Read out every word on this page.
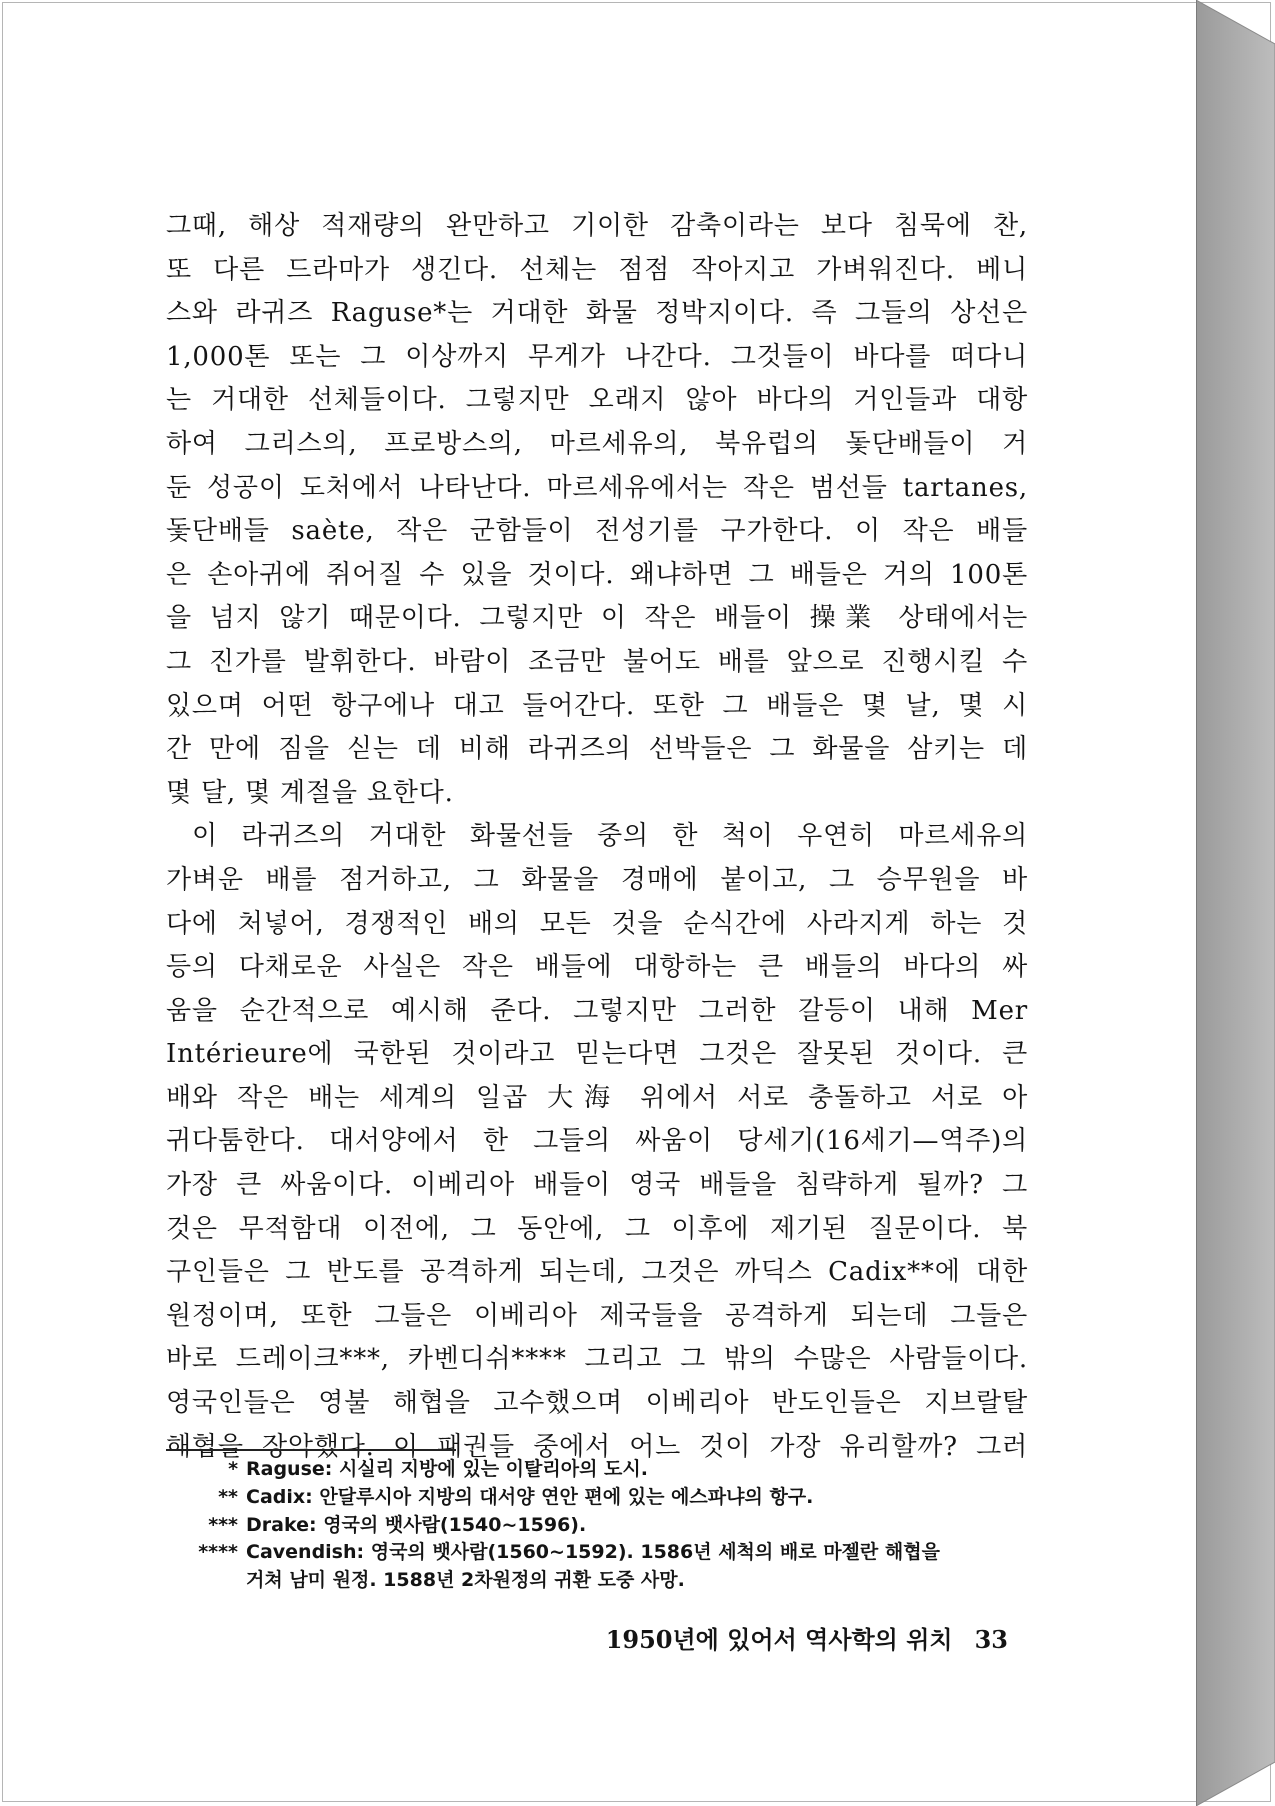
그때, 해상 적재량의 완만하고 기이한 감축이라는 보다 침묵에 찬,
또 다른 드라마가 생긴다. 선체는 점점 작아지고 가벼워진다. 베니
스와 라귀즈 Raguse*는 거대한 화물 정박지이다. 즉 그들의 상선은
1,000톤 또는 그 이상까지 무게가 나간다. 그것들이 바다를 떠다니
는 거대한 선체들이다. 그렇지만 오래지 않아 바다의 거인들과 대항
하여 그리스의, 프로방스의, 마르세유의, 북유럽의 돛단배들이 거
둔 성공이 도처에서 나타난다. 마르세유에서는 작은 범선들 tartanes,
돛단배들 saète, 작은 군함들이 전성기를 구가한다. 이 작은 배들
은 손아귀에 쥐어질 수 있을 것이다. 왜냐하면 그 배들은 거의 100톤
을 넘지 않기 때문이다. 그렇지만 이 작은 배들이 操業 상태에서는
그 진가를 발휘한다. 바람이 조금만 불어도 배를 앞으로 진행시킬 수
있으며 어떤 항구에나 대고 들어간다. 또한 그 배들은 몇 날, 몇 시
간 만에 짐을 싣는 데 비해 라귀즈의 선박들은 그 화물을 삼키는 데
몇 달, 몇 계절을 요한다.
이 라귀즈의 거대한 화물선들 중의 한 척이 우연히 마르세유의
가벼운 배를 점거하고, 그 화물을 경매에 붙이고, 그 승무원을 바
다에 처넣어, 경쟁적인 배의 모든 것을 순식간에 사라지게 하는 것
등의 다채로운 사실은 작은 배들에 대항하는 큰 배들의 바다의 싸
움을 순간적으로 예시해 준다. 그렇지만 그러한 갈등이 내해 Mer
Intérieure에 국한된 것이라고 믿는다면 그것은 잘못된 것이다. 큰
배와 작은 배는 세계의 일곱 大海 위에서 서로 충돌하고 서로 아
귀다툼한다. 대서양에서 한 그들의 싸움이 당세기(16세기—역주)의
가장 큰 싸움이다. 이베리아 배들이 영국 배들을 침략하게 될까? 그
것은 무적함대 이전에, 그 동안에, 그 이후에 제기된 질문이다. 북
구인들은 그 반도를 공격하게 되는데, 그것은 까딕스 Cadix**에 대한
원정이며, 또한 그들은 이베리아 제국들을 공격하게 되는데 그들은
바로 드레이크***, 카벤디쉬**** 그리고 그 밖의 수많은 사람들이다.
영국인들은 영불 해협을 고수했으며 이베리아 반도인들은 지브랄탈
해협을 장악했다. 이 패권들 중에서 어느 것이 가장 유리할까? 그러
* Raguse: 시실리 지방에 있는 이탈리아의 도시.
** Cadix: 안달루시아 지방의 대서양 연안 편에 있는 에스파냐의 항구.
*** Drake: 영국의 뱃사람(1540~1596).
**** Cavendish: 영국의 뱃사람(1560~1592). 1586년 세척의 배로 마젤란 해협을
거쳐 남미 원정. 1588년 2차원정의 귀환 도중 사망.
1950년에 있어서 역사학의 위치 33
